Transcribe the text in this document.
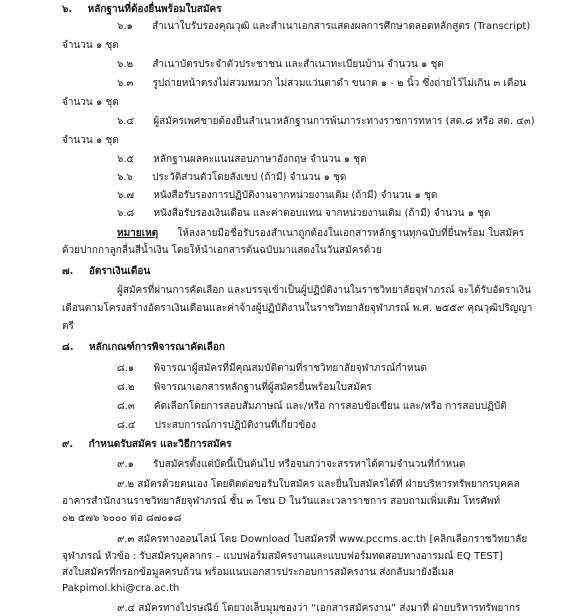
๖. หลักฐานที่ต้องยื่นพร้อมใบสมัคร
๖.๑ สำเนาใบรับรองคุณวุฒิ และสำเนาเอกสารแสดงผลการศึกษาตลอดหลักสูตร (Transcript)
จำนวน ๑ ชุด
๖.๒ สำเนาบัตรประจำตัวประชาชน และสำเนาทะเบียนบ้าน จำนวน ๑ ชุด
๖.๓ รูปถ่ายหน้าตรงไม่สวมหมวก ไม่สวมแว่นตาดำ ขนาด ๑ - ๒ นิ้ว ซึ่งถ่ายไว้ไม่เกิน ๓ เดือน
จำนวน ๑ ชุด
๖.๔ ผู้สมัครเพศชายต้องยื่นสำเนาหลักฐานการพ้นภาระทางราชการทหาร (สด.๘ หรือ สด. ๔๓)
จำนวน ๑ ชุด
๖.๕ หลักฐานผลคะแนนสอบภาษาอังกฤษ จำนวน ๑ ชุด
๖.๖ ประวัติส่วนตัวโดยสังเขป (ถ้ามี) จำนวน ๑ ชุด
๖.๗ หนังสือรับรองการปฏิบัติงานจากหน่วยงานเดิม (ถ้ามี) จำนวน ๑ ชุด
๖.๘ หนังสือรับรองเงินเดือน และค่าตอบแทน จากหน่วยงานเดิม (ถ้ามี) จำนวน ๑ ชุด
หมายเหตุ ให้ลงลายมือชื่อรับรองสำเนาถูกต้องในเอกสารหลักฐานทุกฉบับที่ยื่นพร้อม ใบสมัคร
ด้วยปากกาลูกลื่นสีน้ำเงิน โดยให้นำเอกสารต้นฉบับมาแสดงในวันสมัครด้วย
๗. อัตราเงินเดือน
ผู้สมัครที่ผ่านการคัดเลือก และบรรจุเข้าเป็นผู้ปฏิบัติงานในราชวิทยาลัยจุฬาภรณ์ จะได้รับอัตราเงิน
เดือนตามโครงสร้างอัตราเงินเดือนและค่าจ้างผู้ปฏิบัติงานในราชวิทยาลัยจุฬาภรณ์ พ.ศ. ๒๕๕๙ คุณวุฒิปริญญา
ตรี
๘. หลักเกณฑ์การพิจารณาคัดเลือก
๘.๑ พิจารณาผู้สมัครที่มีคุณสมบัติตามที่ราชวิทยาลัยจุฬาภรณ์กำหนด
๘.๒ พิจารณาเอกสารหลักฐานที่ผู้สมัครยื่นพร้อมใบสมัคร
๘.๓ คัดเลือกโดยการสอบสัมภาษณ์ และ/หรือ การสอบข้อเขียน และ/หรือ การสอบปฏิบัติ
๘.๔ ประสบการณ์การปฏิบัติงานที่เกี่ยวข้อง
๙. กำหนดรับสมัคร และวิธีการสมัคร
๙.๑ รับสมัครตั้งแต่บัดนี้เป็นต้นไป หรือจนกว่าจะสรรหาได้ตามจำนวนที่กำหนด
๙.๒ สมัครด้วยตนเอง โดยติดต่อขอรับใบสมัคร และยื่นใบสมัครได้ที่ ฝ่ายบริหารทรัพยากรบุคคล
อาคารสำนักงานราชวิทยาลัยจุฬาภรณ์ ชั้น ๓ โซน D ในวันและเวลาราชการ สอบถามเพิ่มเติม โทรศัพท์
๐๒ ๕๗๖ ๖๐๐๐ ต่อ ๘๗๐๑๘
๙.๓ สมัครทางออนไลน์ โดย Download ใบสมัครที่ www.pccms.ac.th [คลิกเลือกราชวิทยาลัย
จุฬาภรณ์ หัวข้อ : รับสมัครบุคลากร – แบบฟอร์มสมัครงานและแบบฟอร์มทดสอบทางอารมณ์ EQ TEST]
ส่งใบสมัครที่กรอกข้อมูลครบถ้วน พร้อมแนบเอกสารประกอบการสมัครงาน ส่งกลับมายังอีเมล
Pakpimol.khi@cra.ac.th
๙.๔ สมัครทางไปรษณีย์ โดยวงเล็บมุมซองว่า “เอกสารสมัครงาน” ส่งมาที่ ฝ่ายบริหารทรัพยากร
